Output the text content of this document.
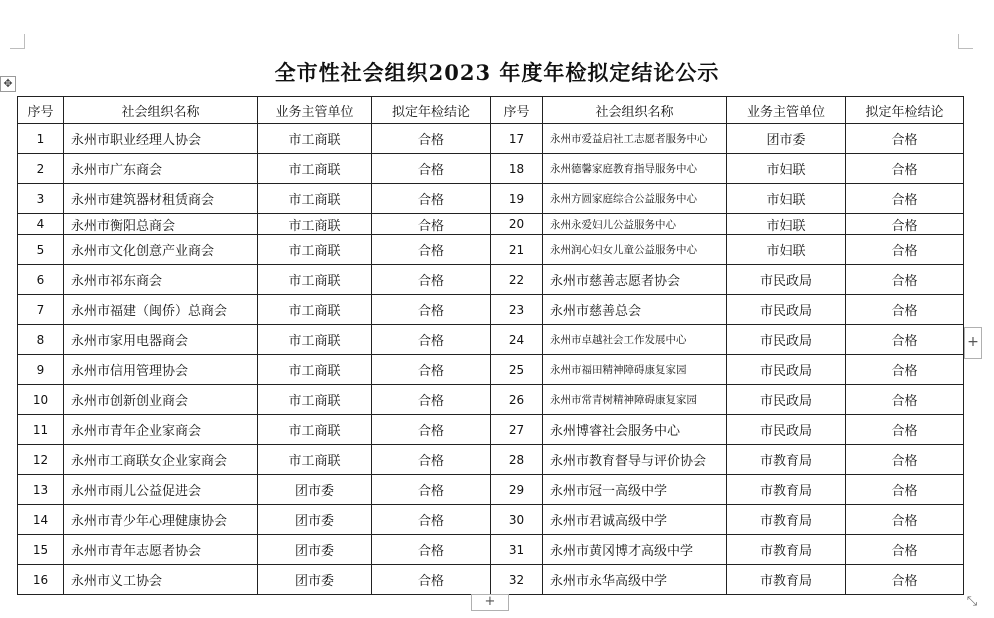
✥	全市性社会组织2023 年度年检拟定结论公示
序号	社会组织名称	业务主管单位	拟定年检结论	序号	社会组织名称	业务主管单位	拟定年检结论
1	永州市职业经理人协会	市工商联	合格	17	永州市爱益启社工志愿者服务中心	团市委	合格
2	永州市广东商会	市工商联	合格	18	永州德馨家庭教育指导服务中心	市妇联	合格
3	永州市建筑器材租赁商会	市工商联	合格	19	永州方圆家庭综合公益服务中心	市妇联	合格
4	永州市衡阳总商会	市工商联	合格	20	永州永爱妇儿公益服务中心	市妇联	合格
5	永州市文化创意产业商会	市工商联	合格	21	永州润心妇女儿童公益服务中心	市妇联	合格
6	永州市祁东商会	市工商联	合格	22	永州市慈善志愿者协会	市民政局	合格
7	永州市福建（闽侨）总商会	市工商联	合格	23	永州市慈善总会	市民政局	合格
8	永州市家用电器商会	市工商联	合格	24	永州市卓越社会工作发展中心	市民政局	合格
9	永州市信用管理协会	市工商联	合格	25	永州市福田精神障碍康复家园	市民政局	合格
10	永州市创新创业商会	市工商联	合格	26	永州市常青树精神障碍康复家园	市民政局	合格
11	永州市青年企业家商会	市工商联	合格	27	永州博睿社会服务中心	市民政局	合格
12	永州市工商联女企业家商会	市工商联	合格	28	永州市教育督导与评价协会	市教育局	合格
13	永州市雨儿公益促进会	团市委	合格	29	永州市冠一高级中学	市教育局	合格
14	永州市青少年心理健康协会	团市委	合格	30	永州市君诚高级中学	市教育局	合格
15	永州市青年志愿者协会	团市委	合格	31	永州市黄冈博才高级中学	市教育局	合格
16	永州市义工协会	团市委	合格	32	永州市永华高级中学	市教育局	合格
+
+	⤡
